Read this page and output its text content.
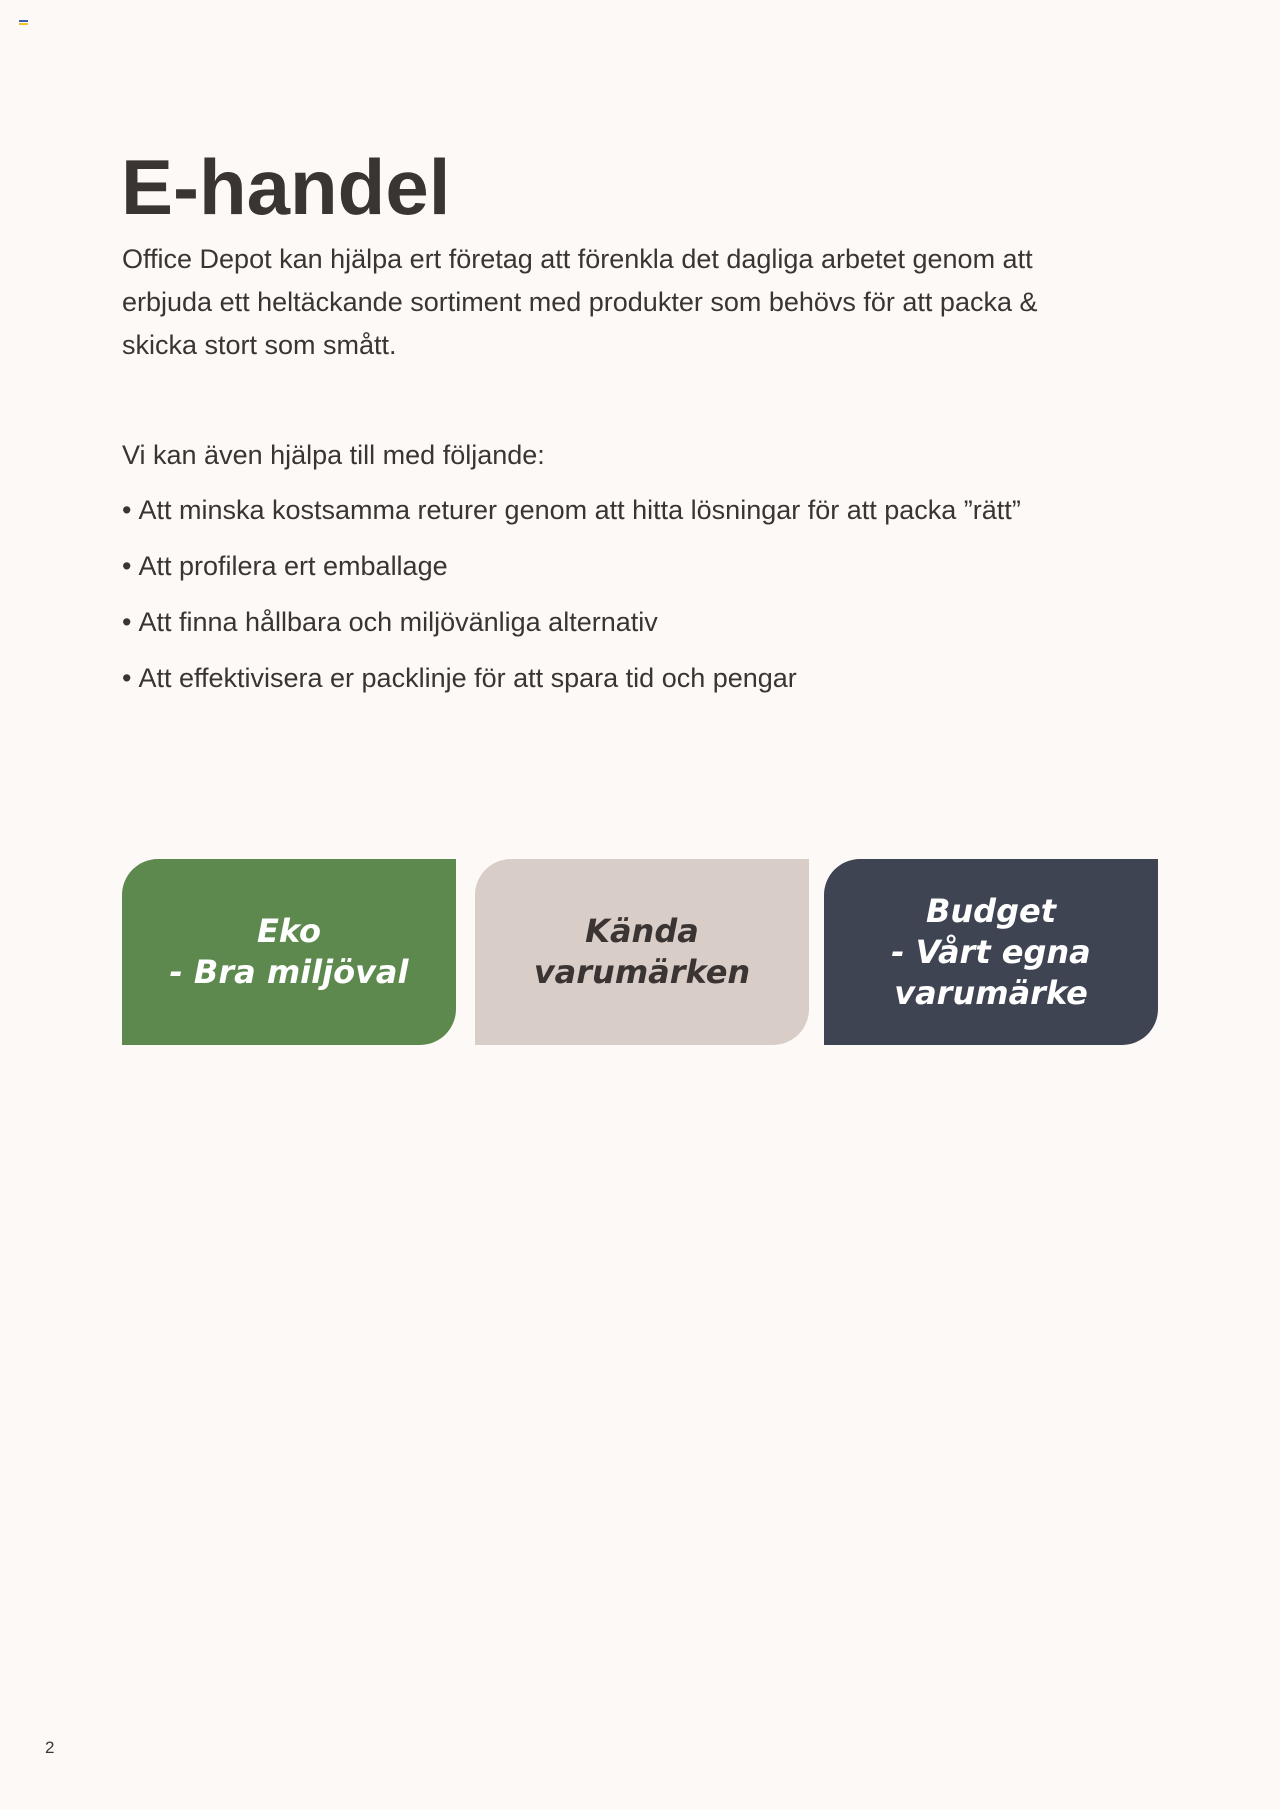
E-handel

Office Depot kan hjälpa ert företag att förenkla det dagliga arbetet genom att erbjuda ett heltäckande sortiment med produkter som behövs för att packa & skicka stort som smått.

Vi kan även hjälpa till med följande:

• Att minska kostsamma returer genom att hitta lösningar för att packa ”rätt”
• Att profilera ert emballage
• Att finna hållbara och miljövänliga alternativ
• Att effektivisera er packlinje för att spara tid och pengar
Eko
- Bra miljöval
Kända
varumärken
Budget
- Vårt egna
varumärke
2
